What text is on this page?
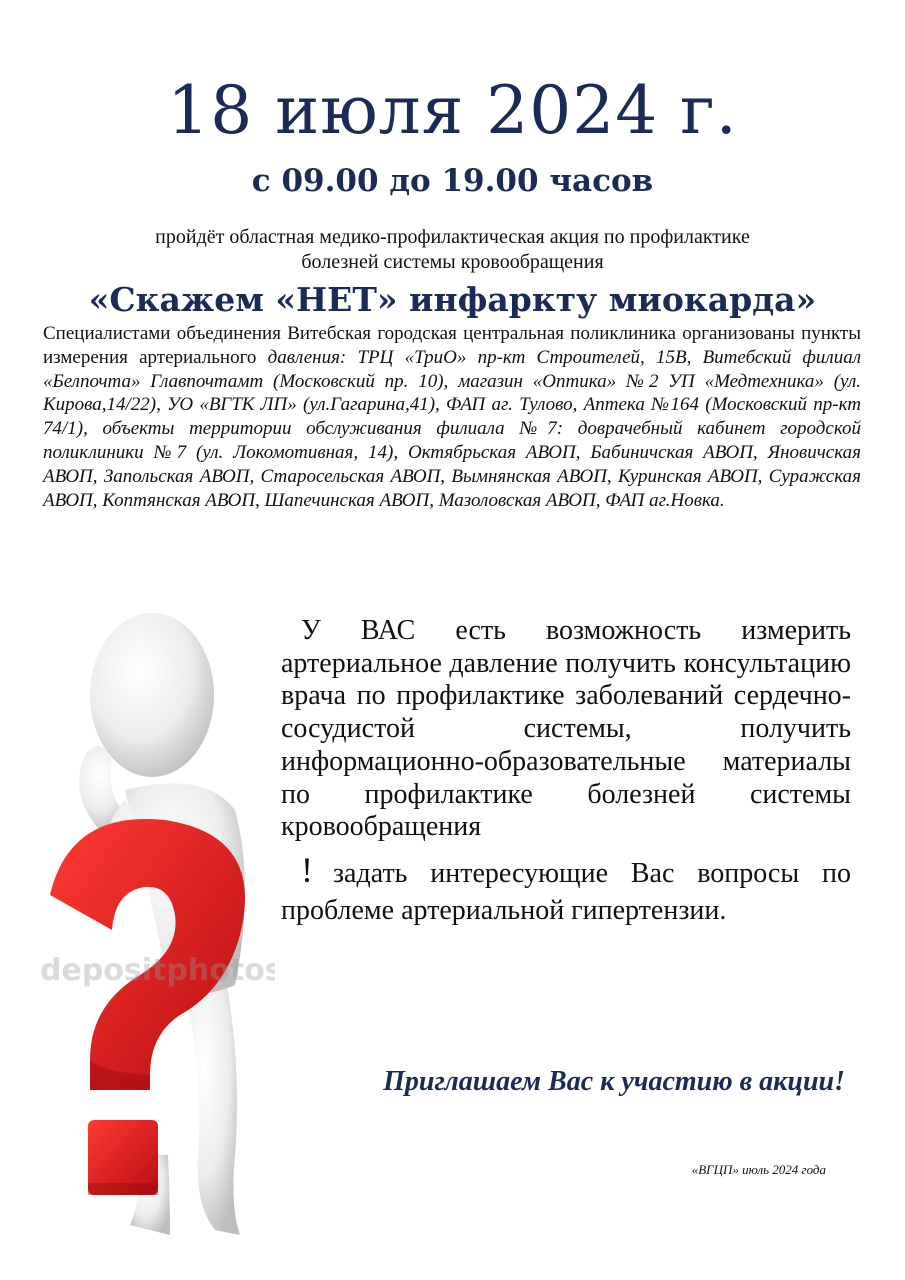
18 июля 2024 г.
с 09.00 до 19.00 часов
пройдёт областная медико-профилактическая акция по профилактике
болезней системы кровообращения
«Скажем «НЕТ» инфаркту миокарда»
Специалистами объединения Витебская городская центральная поликлиника организованы пункты измерения артериального давления: ТРЦ «ТриО» пр-кт Строителей, 15В, Витебский филиал «Белпочта» Главпочтамт (Московский пр. 10), магазин «Оптика» №2 УП «Медтехника» (ул. Кирова,14/22), УО «ВГТК ЛП» (ул.Гагарина,41), ФАП аг. Тулово, Аптека №164 (Московский пр-кт 74/1), объекты территории обслуживания филиала №7: доврачебный кабинет городской поликлиники №7 (ул. Локомотивная, 14), Октябрьская АВОП, Бабиничская АВОП, Яновичская АВОП, Запольская АВОП, Старосельская АВОП, Вымнянская АВОП, Куринская АВОП, Суражская АВОП, Коптянская АВОП, Шапечинская АВОП, Мазоловская АВОП, ФАП аг.Новка.
depositphotos
У ВАС есть возможность измерить артериальное давление получить консультацию врача по профилактике заболеваний сердечно-сосудистой системы, получить информационно-образовательные материалы по профилактике болезней системы кровообращения
! задать интересующие Вас вопросы по проблеме артериальной гипертензии.
Приглашаем Вас к участию в акции!
«ВГЦП» июль 2024 года
